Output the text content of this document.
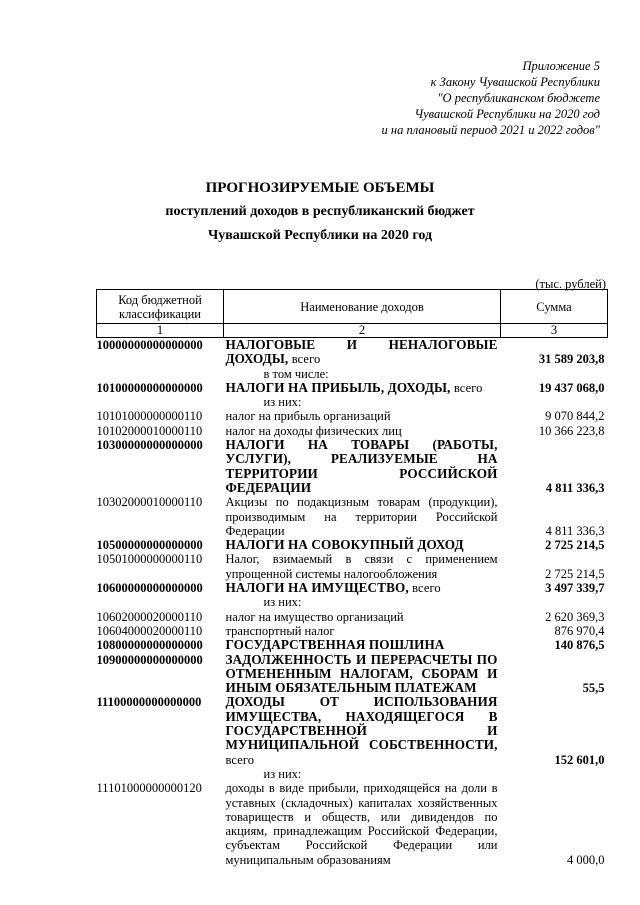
Приложение 5
к Закону Чувашской Республики
"О республиканском бюджете
Чувашской Республики на 2020 год
и на плановый период 2021 и 2022 годов"
ПРОГНОЗИРУЕМЫЕ ОБЪЕМЫ
поступлений доходов в республиканский бюджет
Чувашской Республики на 2020 год
(тыс. рублей)
Код бюджетной классификации	Наименование доходов	Сумма
1	2	3
10000000000000000	НАЛОГОВЫЕ И НЕНАЛОГОВЫЕ ДОХОДЫ, всего	31 589 203,8

	в том числе:	

10100000000000000	НАЛОГИ НА ПРИБЫЛЬ, ДОХОДЫ, всего	19 437 068,0

	из них:	

10101000000000110	налог на прибыль организаций	9 070 844,2
10102000010000110	налог на доходы физических лиц	10 366 223,8
10300000000000000	НАЛОГИ НА ТОВАРЫ (РАБОТЫ, УСЛУГИ), РЕАЛИЗУЕМЫЕ НА ТЕРРИТОРИИ РОССИЙСКОЙ ФЕДЕРАЦИИ	4 811 336,3
10302000010000110	Акцизы по подакцизным товарам (продукции), производимым на территории Российской Федерации	4 811 336,3
10500000000000000	НАЛОГИ НА СОВОКУПНЫЙ ДОХОД	2 725 214,5
10501000000000110	Налог, взимаемый в связи с применением упрощенной системы налогообложения	2 725 214,5
10600000000000000	НАЛОГИ НА ИМУЩЕСТВО, всего	3 497 339,7

	из них:	

10602000020000110	налог на имущество организаций	2 620 369,3
10604000020000110	транспортный налог	876 970,4
10800000000000000	ГОСУДАРСТВЕННАЯ ПОШЛИНА	140 876,5
10900000000000000	ЗАДОЛЖЕННОСТЬ И ПЕРЕРАСЧЕТЫ ПО ОТМЕНЕННЫМ НАЛОГАМ, СБОРАМ И ИНЫМ ОБЯЗАТЕЛЬНЫМ ПЛАТЕЖАМ	55,5
11100000000000000	ДОХОДЫ ОТ ИСПОЛЬЗОВАНИЯ ИМУЩЕСТВА, НАХОДЯЩЕГОСЯ В ГОСУДАРСТВЕННОЙ И МУНИЦИПАЛЬНОЙ СОБСТВЕННОСТИ, всего	152 601,0

	из них:	

11101000000000120	доходы в виде прибыли, приходящейся на доли в уставных (складочных) капиталах хозяйственных товариществ и обществ, или дивидендов по акциям, принадлежащим Российской Федерации, субъектам Российской Федерации или муниципальным образованиям	4 000,0
